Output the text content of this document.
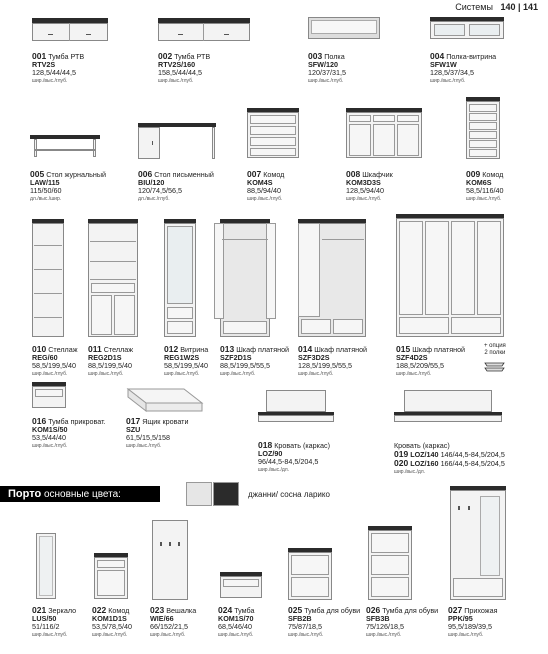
Системы 140 | 141
001 Тумба РТВ
RTV2S
128,5/44/44,5
шир./выс./глуб.
002 Тумба РТВ
RTV2S/160
158,5/44/44,5
шир./выс./глуб.
003 Полка
SFW/120
120/37/31,5
шир./выс./глуб.
004 Полка-витрина
SFW1W
128,5/37/34,5
шир./выс./глуб.
005 Стол журнальный
LAW/115
115/50/60
дл./выс./шир.
006 Стол письменный
BIU/120
120/74,5/56,5
дл./выс./глуб.
007 Комод
KOM4S
88,5/94/40
шир./выс./глуб.
008 Шкафчик
KOM3D3S
128,5/94/40
шир./выс./глуб.
009 Комод
KOM6S
58,5/116/40
шир./выс./глуб.
010 Стеллаж
REG/60
58,5/199,5/40
шир./выс./глуб.
011 Стеллаж
REG2D1S
88,5/199,5/40
шир./выс./глуб.
012 Витрина
REG1W2S
58,5/199,5/40
шир./выс./глуб.
013 Шкаф платяной
SZF2D1S
88,5/199,5/55,5
шир./выс./глуб.
014 Шкаф платяной
SZF3D2S
128,5/199,5/55,5
шир./выс./глуб.
015 Шкаф платяной
SZF4D2S
188,5/209/55,5
шир./выс./глуб.
+ опция
2 полки
016 Тумба прикроват.
KOM1S/50
53,5/44/40
шир./выс./глуб.
017 Ящик кровати
SZU
61,5/15,5/158
шир./выс./глуб.	018 Кровать (каркас)
LOZ/90
96/44,5-84,5/204,5
шир./выс./дл.
Кровать (каркас)
019 LOZ/140 146/44,5-84,5/204,5
020 LOZ/160 166/44,5-84,5/204,5
шир./выс./дл.
Порто основные цвета:	джанни/ сосна ларико
021 Зеркало
LUS/50
51/116/2
шир./выс./глуб.
022 Комод
KOM1D1S
53,5/78,5/40
шир./выс./глуб.
023 Вешалка
WIE/66
66/152/21,5
шир./выс./глуб.
024 Тумба
KOM1S/70
68,5/46/40
шир./выс./глуб.
025 Тумба для обуви
SFB2B
75/87/18,5
шир./выс./глуб.
026 Тумба для обуви
SFB3B
75/126/18,5
шир./выс./глуб.
027 Прихожая
PPK/95
95,5/189/39,5
шир./выс./глуб.
